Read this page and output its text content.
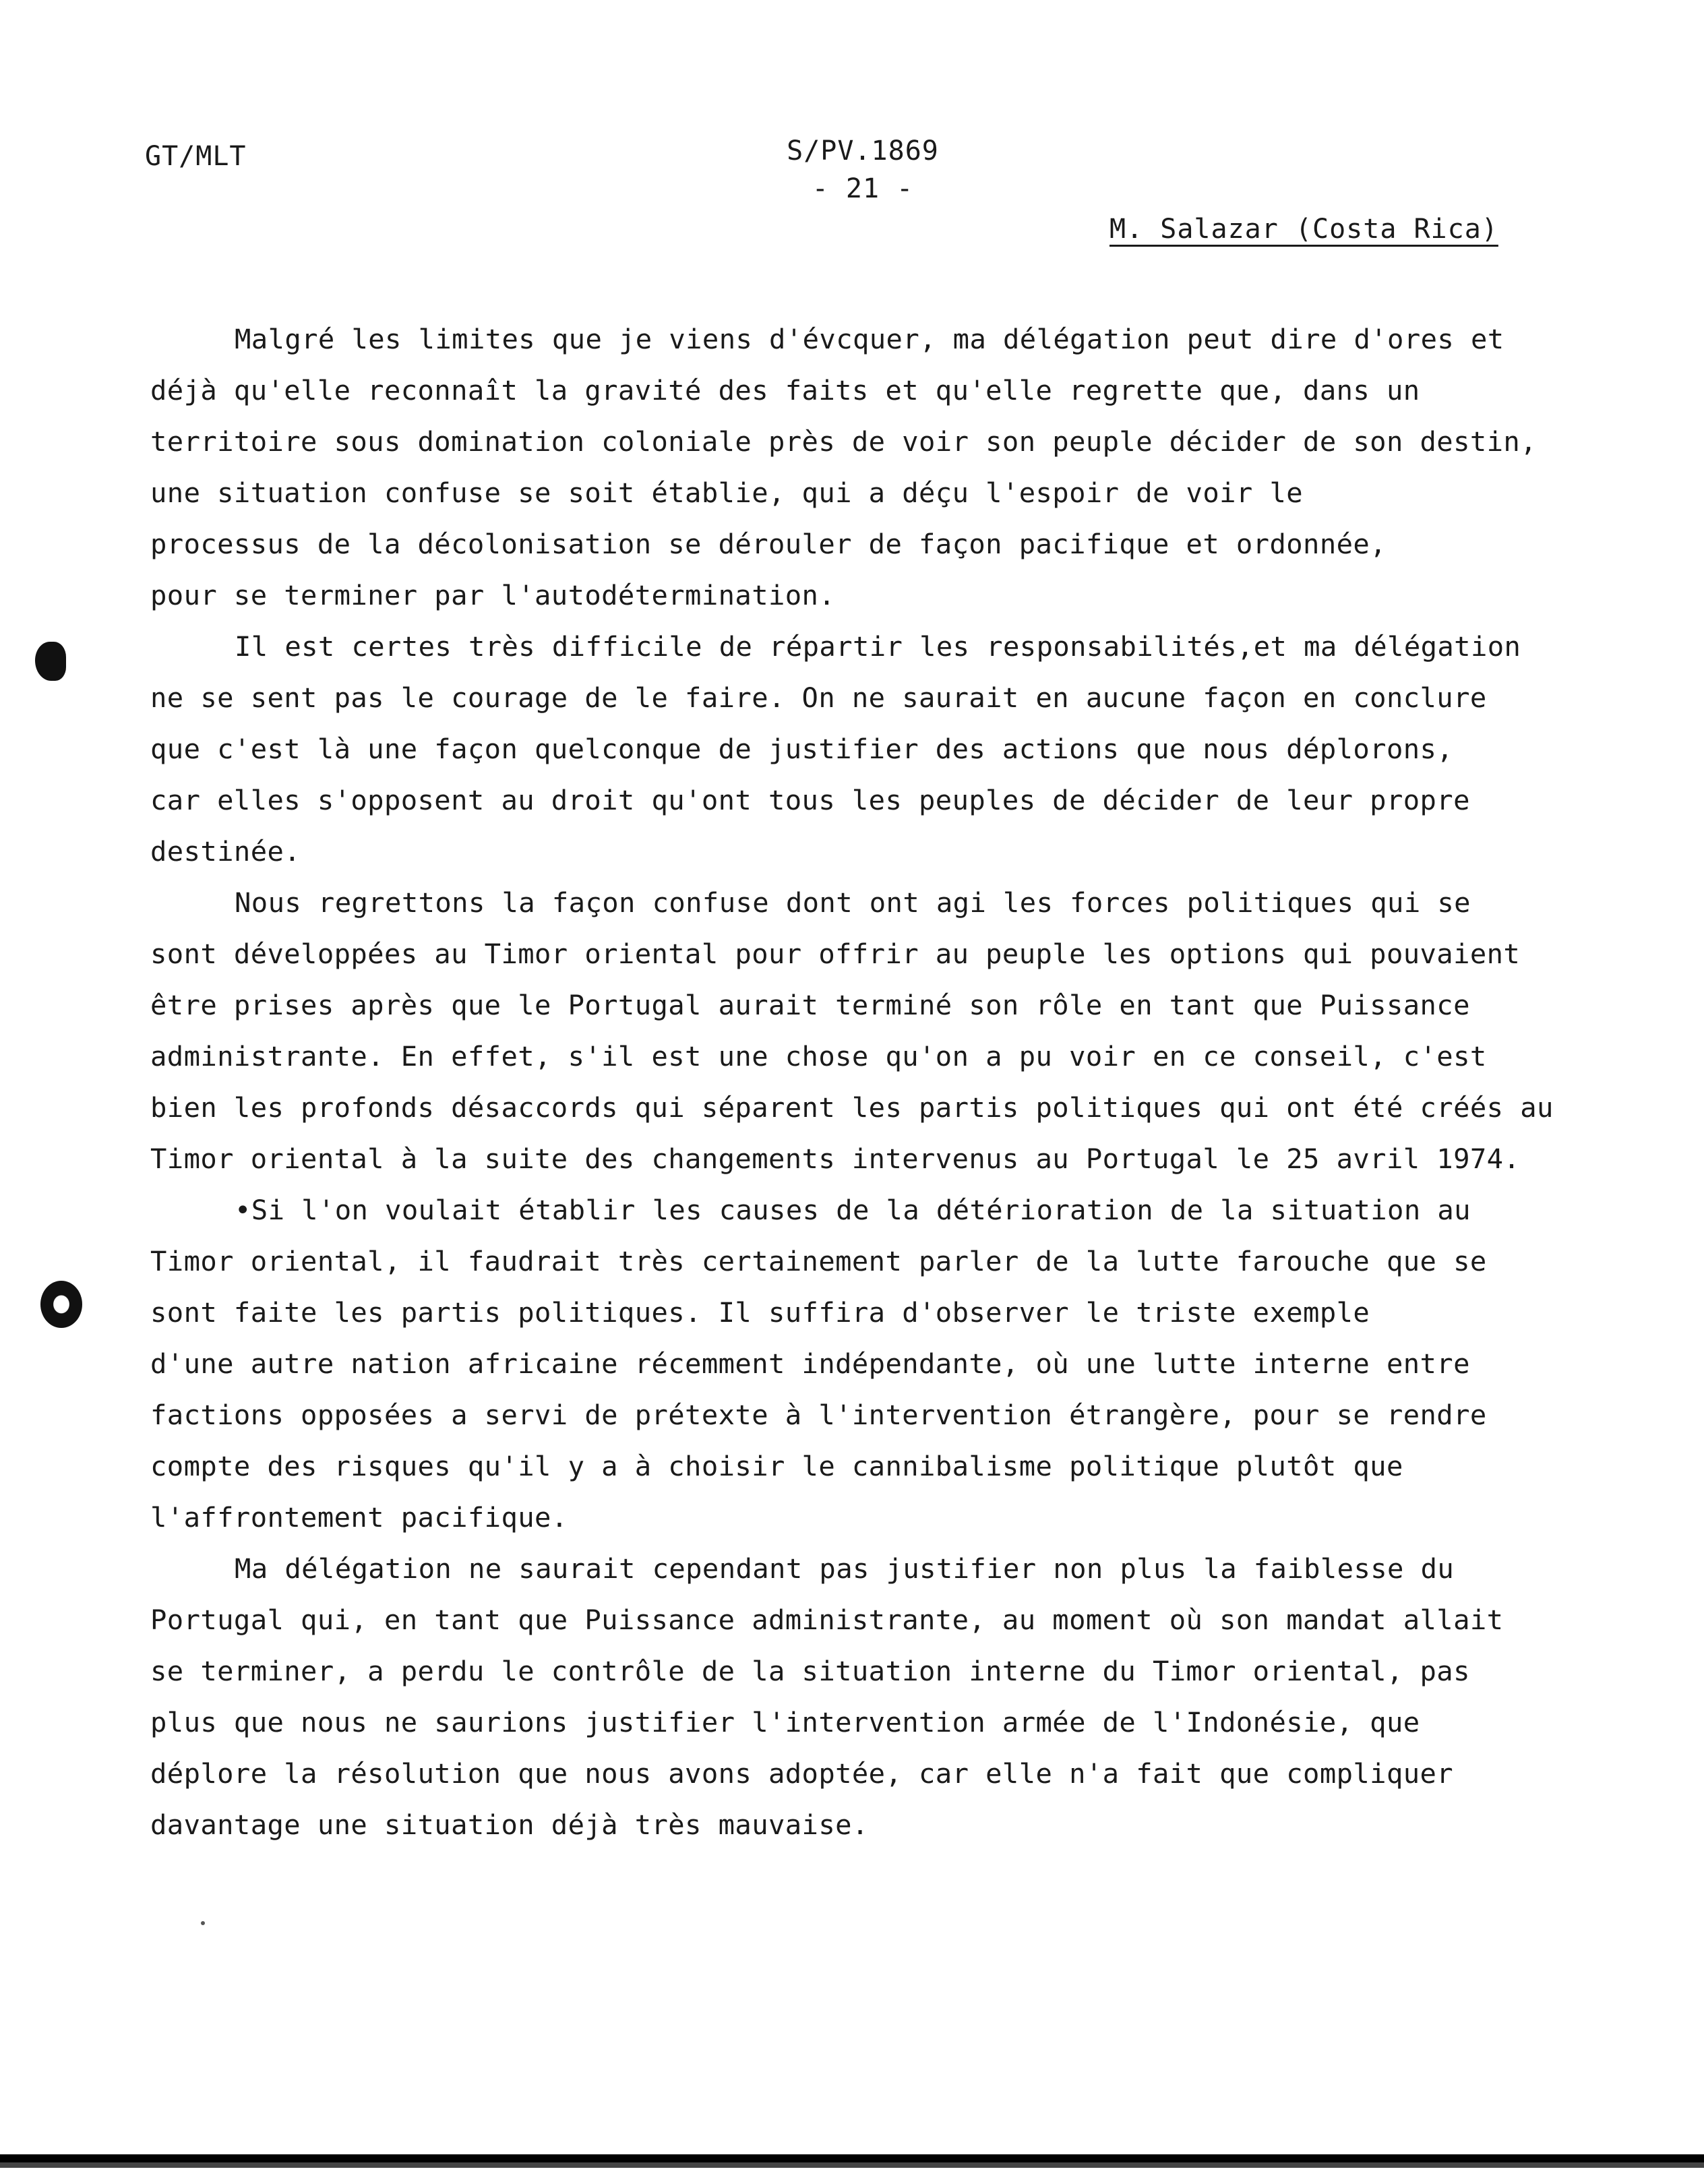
GT/MLT	S/PV.1869
- 21 -
M. Salazar (Costa Rica)
Malgré les limites que je viens d'évcquer, ma délégation peut dire d'ores et
déjà qu'elle reconnaît la gravité des faits et qu'elle regrette que, dans un
territoire sous domination coloniale près de voir son peuple décider de son destin,
une situation confuse se soit établie, qui a déçu l'espoir de voir le
processus de la décolonisation se dérouler de façon pacifique et ordonnée,
pour se terminer par l'autodétermination.
Il est certes très difficile de répartir les responsabilités,et ma délégation
ne se sent pas le courage de le faire. On ne saurait en aucune façon en conclure
que c'est là une façon quelconque de justifier des actions que nous déplorons,
car elles s'opposent au droit qu'ont tous les peuples de décider de leur propre
destinée.
Nous regrettons la façon confuse dont ont agi les forces politiques qui se
sont développées au Timor oriental pour offrir au peuple les options qui pouvaient
être prises après que le Portugal aurait terminé son rôle en tant que Puissance
administrante. En effet, s'il est une chose qu'on a pu voir en ce conseil, c'est
bien les profonds désaccords qui séparent les partis politiques qui ont été créés au
Timor oriental à la suite des changements intervenus au Portugal le 25 avril 1974.
•Si l'on voulait établir les causes de la détérioration de la situation au
Timor oriental, il faudrait très certainement parler de la lutte farouche que se
sont faite les partis politiques. Il suffira d'observer le triste exemple
d'une autre nation africaine récemment indépendante, où une lutte interne entre
factions opposées a servi de prétexte à l'intervention étrangère, pour se rendre
compte des risques qu'il y a à choisir le cannibalisme politique plutôt que
l'affrontement pacifique.
Ma délégation ne saurait cependant pas justifier non plus la faiblesse du
Portugal qui, en tant que Puissance administrante, au moment où son mandat allait
se terminer, a perdu le contrôle de la situation interne du Timor oriental, pas
plus que nous ne saurions justifier l'intervention armée de l'Indonésie, que
déplore la résolution que nous avons adoptée, car elle n'a fait que compliquer
davantage une situation déjà très mauvaise.
